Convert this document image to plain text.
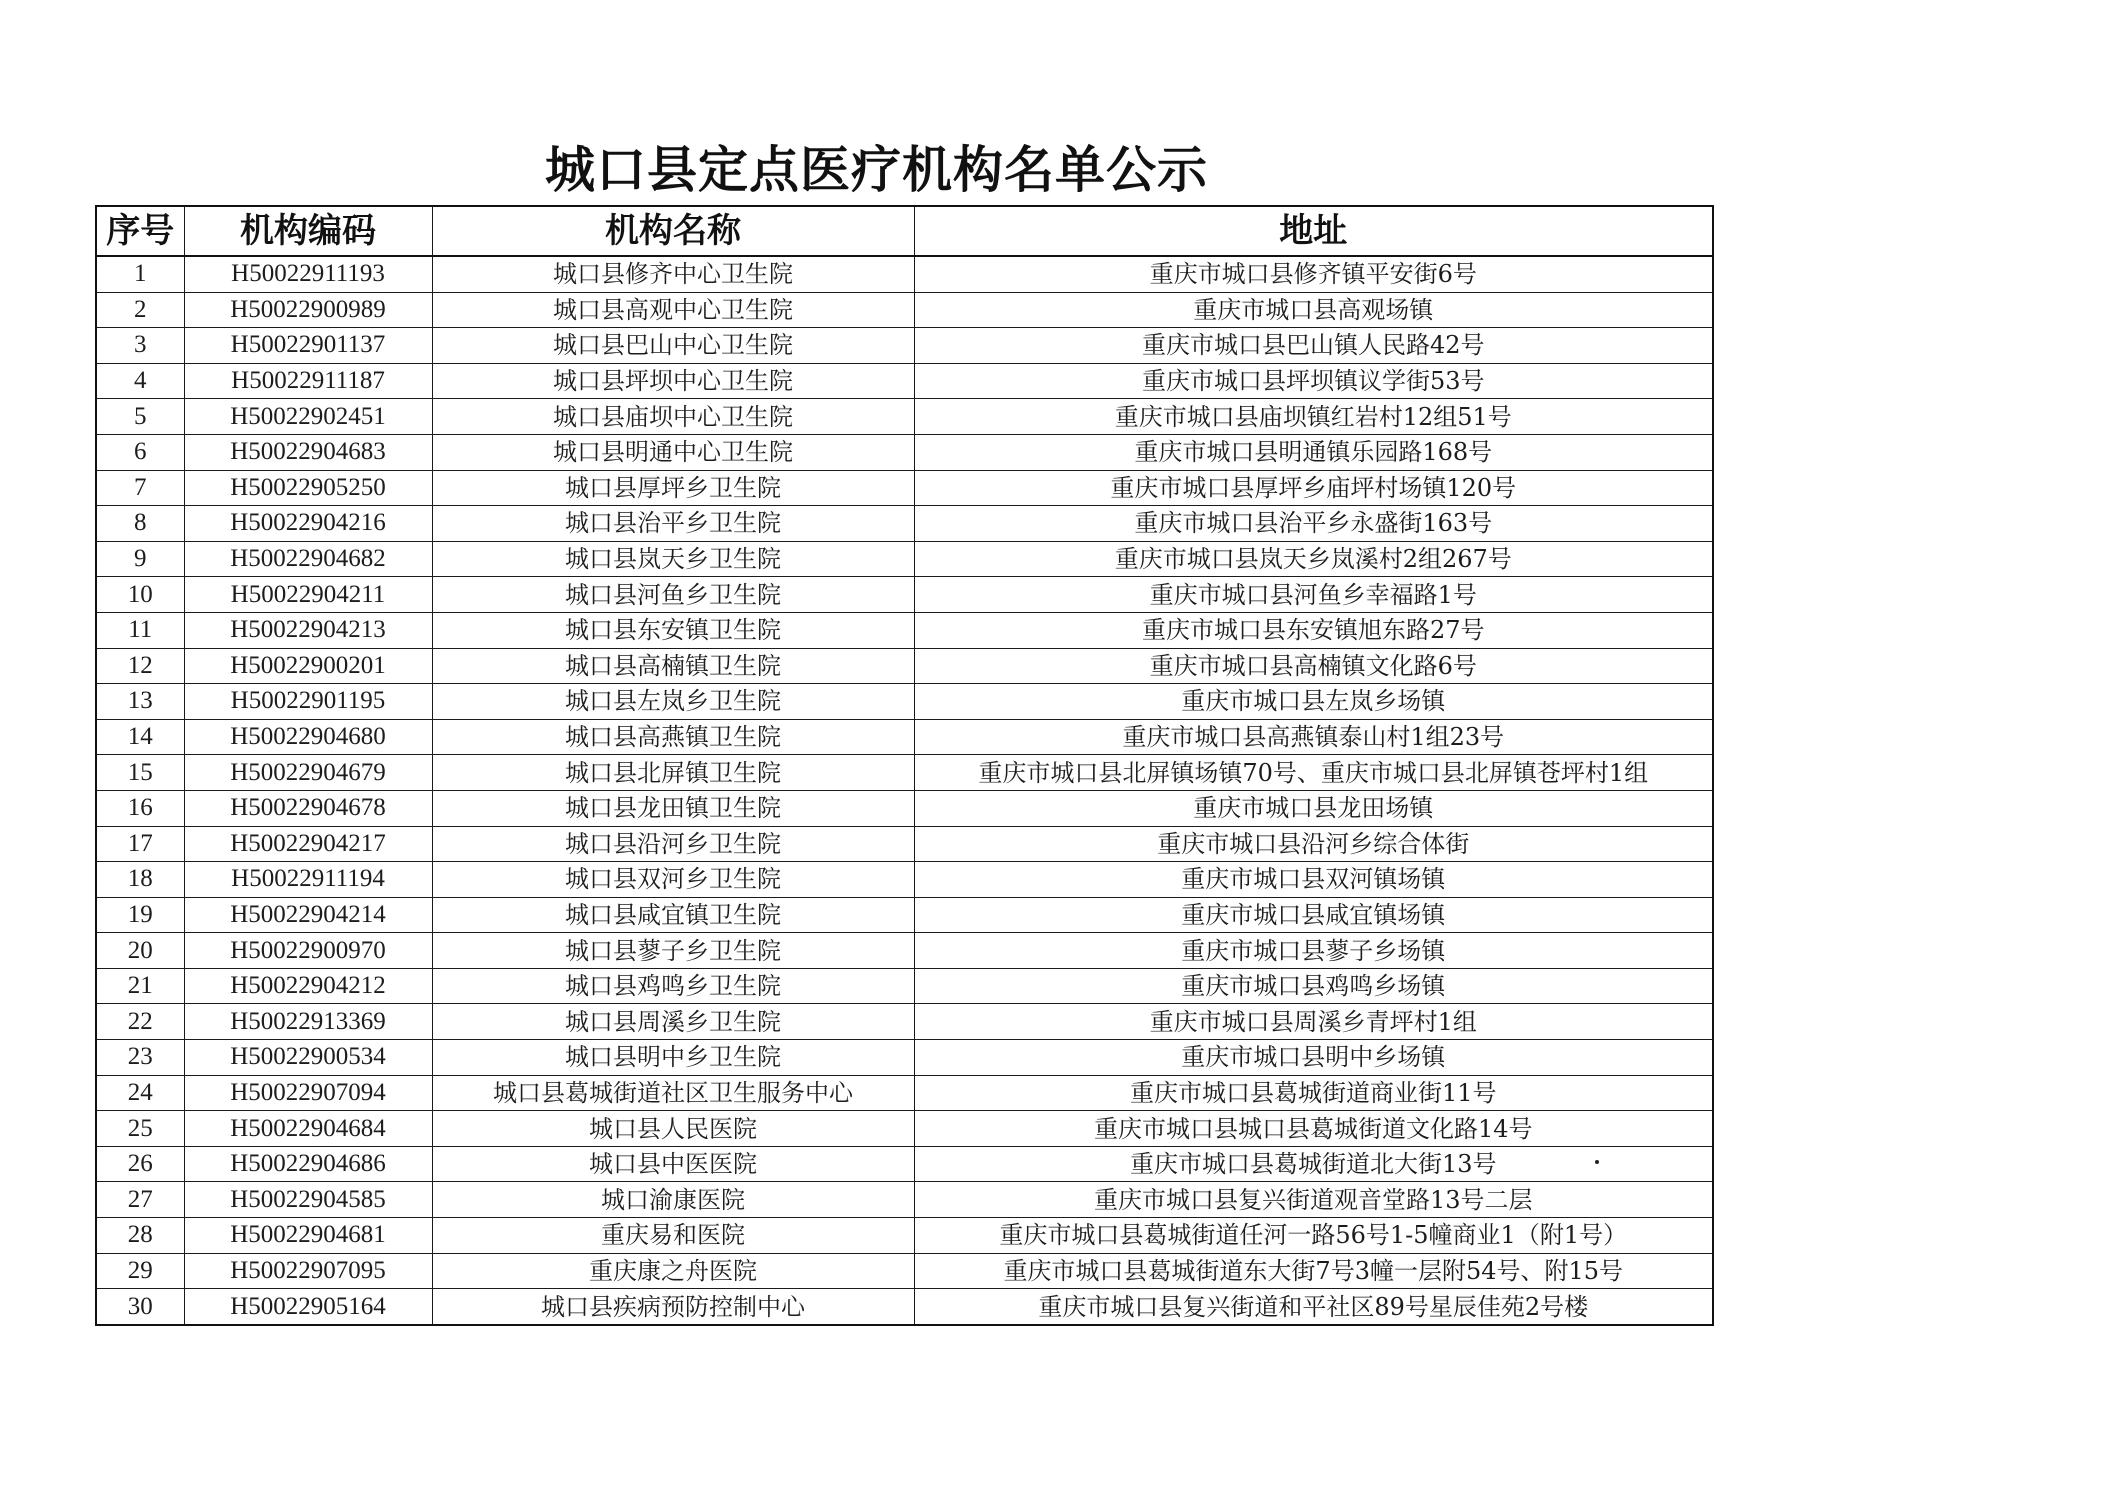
城口县定点医疗机构名单公示
序号	机构编码	机构名称	地址
1	H50022911193	城口县修齐中心卫生院	重庆市城口县修齐镇平安街6号
2	H50022900989	城口县高观中心卫生院	重庆市城口县高观场镇
3	H50022901137	城口县巴山中心卫生院	重庆市城口县巴山镇人民路42号
4	H50022911187	城口县坪坝中心卫生院	重庆市城口县坪坝镇议学街53号
5	H50022902451	城口县庙坝中心卫生院	重庆市城口县庙坝镇红岩村12组51号
6	H50022904683	城口县明通中心卫生院	重庆市城口县明通镇乐园路168号
7	H50022905250	城口县厚坪乡卫生院	重庆市城口县厚坪乡庙坪村场镇120号
8	H50022904216	城口县治平乡卫生院	重庆市城口县治平乡永盛街163号
9	H50022904682	城口县岚天乡卫生院	重庆市城口县岚天乡岚溪村2组267号
10	H50022904211	城口县河鱼乡卫生院	重庆市城口县河鱼乡幸福路1号
11	H50022904213	城口县东安镇卫生院	重庆市城口县东安镇旭东路27号
12	H50022900201	城口县高楠镇卫生院	重庆市城口县高楠镇文化路6号
13	H50022901195	城口县左岚乡卫生院	重庆市城口县左岚乡场镇
14	H50022904680	城口县高燕镇卫生院	重庆市城口县高燕镇泰山村1组23号
15	H50022904679	城口县北屏镇卫生院	重庆市城口县北屏镇场镇70号、重庆市城口县北屏镇苍坪村1组
16	H50022904678	城口县龙田镇卫生院	重庆市城口县龙田场镇
17	H50022904217	城口县沿河乡卫生院	重庆市城口县沿河乡综合体街
18	H50022911194	城口县双河乡卫生院	重庆市城口县双河镇场镇
19	H50022904214	城口县咸宜镇卫生院	重庆市城口县咸宜镇场镇
20	H50022900970	城口县蓼子乡卫生院	重庆市城口县蓼子乡场镇
21	H50022904212	城口县鸡鸣乡卫生院	重庆市城口县鸡鸣乡场镇
22	H50022913369	城口县周溪乡卫生院	重庆市城口县周溪乡青坪村1组
23	H50022900534	城口县明中乡卫生院	重庆市城口县明中乡场镇
24	H50022907094	城口县葛城街道社区卫生服务中心	重庆市城口县葛城街道商业街11号
25	H50022904684	城口县人民医院	重庆市城口县城口县葛城街道文化路14号
26	H50022904686	城口县中医医院	重庆市城口县葛城街道北大街13号
27	H50022904585	城口渝康医院	重庆市城口县复兴街道观音堂路13号二层
28	H50022904681	重庆易和医院	重庆市城口县葛城街道任河一路56号1-5幢商业1（附1号）
29	H50022907095	重庆康之舟医院	重庆市城口县葛城街道东大街7号3幢一层附54号、附15号
30	H50022905164	城口县疾病预防控制中心	重庆市城口县复兴街道和平社区89号星辰佳苑2号楼
